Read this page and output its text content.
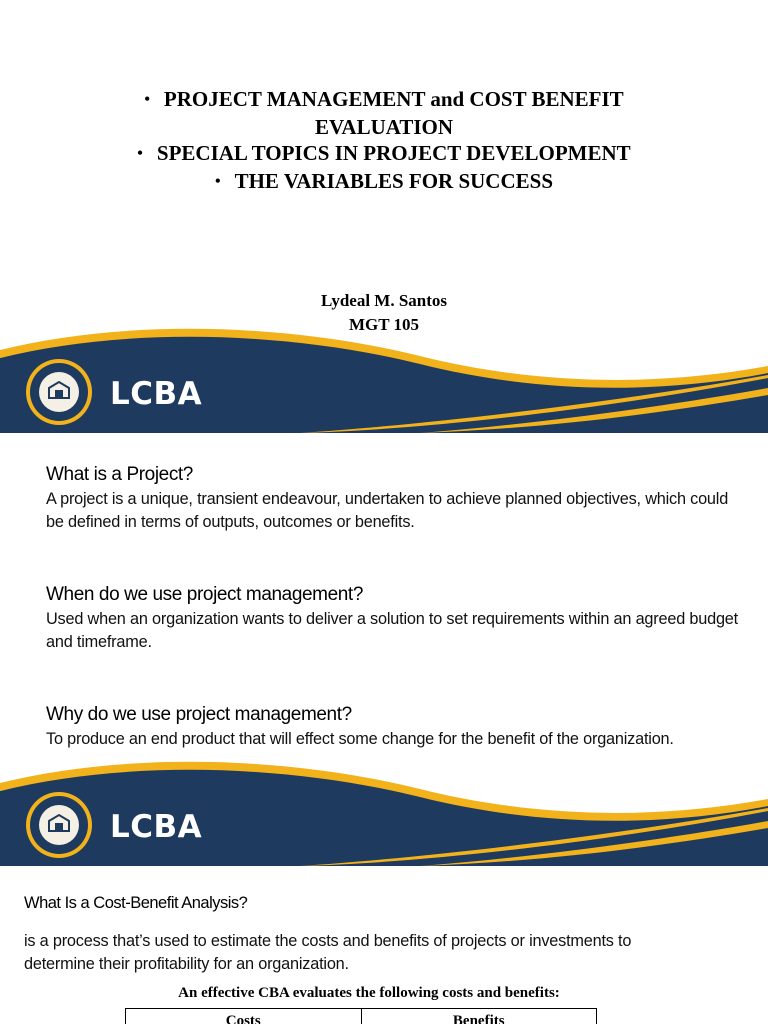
• PROJECT MANAGEMENT and COST BENEFIT
EVALUATION
• SPECIAL TOPICS IN PROJECT DEVELOPMENT
• THE VARIABLES FOR SUCCESS
Lydeal M. Santos
MGT 105
LCBA
What is a Project?
A project is a unique, transient endeavour, undertaken to achieve planned objectives, which could be defined in terms of outputs, outcomes or benefits.
When do we use project management?
Used when an organization wants to deliver a solution to set requirements within an agreed budget and timeframe.
Why do we use project management?
To produce an end product that will effect some change for the benefit of the organization.
LCBA
What Is a Cost-Benefit Analysis?
is a process that’s used to estimate the costs and benefits of projects or investments to determine their profitability for an organization.
An effective CBA evaluates the following costs and benefits:
Costs	Benefits
